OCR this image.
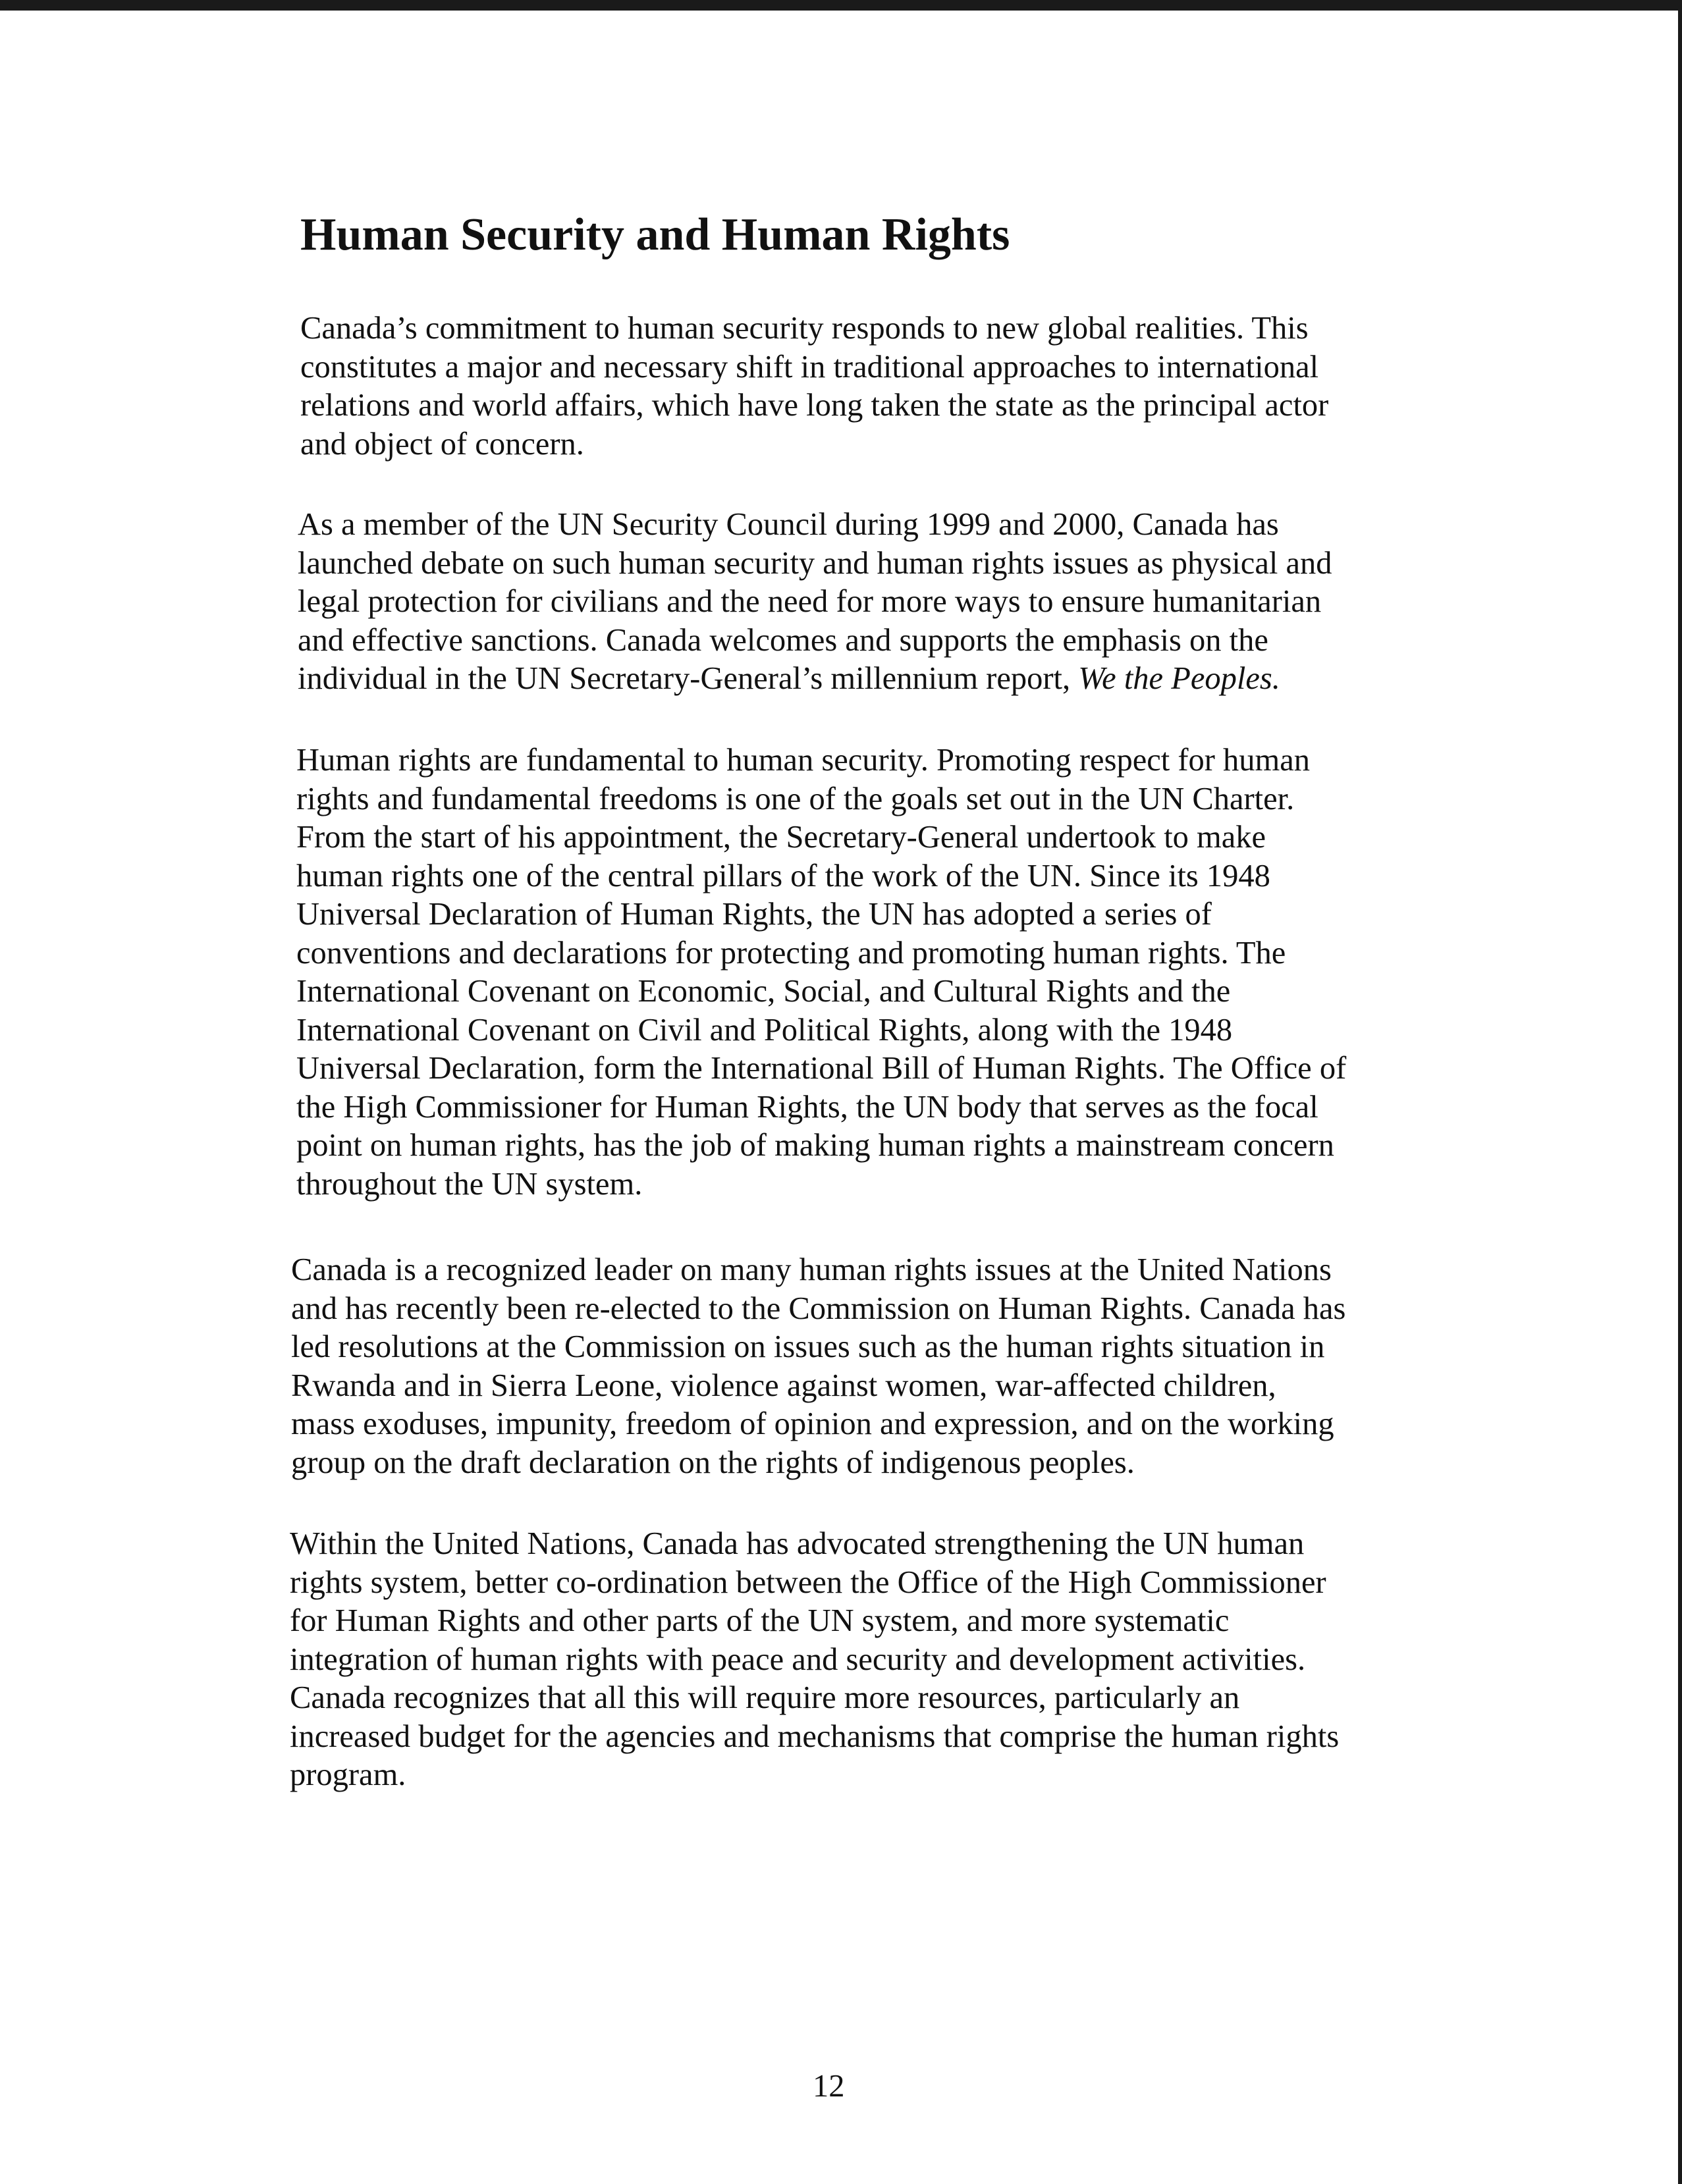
Human Security and Human Rights

Canada’s commitment to human security responds to new global realities. This
constitutes a major and necessary shift in traditional approaches to international
relations and world affairs, which have long taken the state as the principal actor
and object of concern.

As a member of the UN Security Council during 1999 and 2000, Canada has
launched debate on such human security and human rights issues as physical and
legal protection for civilians and the need for more ways to ensure humanitarian
and effective sanctions. Canada welcomes and supports the emphasis on the
individual in the UN Secretary-General’s millennium report, We the Peoples.

Human rights are fundamental to human security. Promoting respect for human
rights and fundamental freedoms is one of the goals set out in the UN Charter.
From the start of his appointment, the Secretary-General undertook to make
human rights one of the central pillars of the work of the UN. Since its 1948
Universal Declaration of Human Rights, the UN has adopted a series of
conventions and declarations for protecting and promoting human rights. The
International Covenant on Economic, Social, and Cultural Rights and the
International Covenant on Civil and Political Rights, along with the 1948
Universal Declaration, form the International Bill of Human Rights. The Office of
the High Commissioner for Human Rights, the UN body that serves as the focal
point on human rights, has the job of making human rights a mainstream concern
throughout the UN system.

Canada is a recognized leader on many human rights issues at the United Nations
and has recently been re-elected to the Commission on Human Rights. Canada has
led resolutions at the Commission on issues such as the human rights situation in
Rwanda and in Sierra Leone, violence against women, war-affected children,
mass exoduses, impunity, freedom of opinion and expression, and on the working
group on the draft declaration on the rights of indigenous peoples.

Within the United Nations, Canada has advocated strengthening the UN human
rights system, better co-ordination between the Office of the High Commissioner
for Human Rights and other parts of the UN system, and more systematic
integration of human rights with peace and security and development activities.
Canada recognizes that all this will require more resources, particularly an
increased budget for the agencies and mechanisms that comprise the human rights
program.

12
